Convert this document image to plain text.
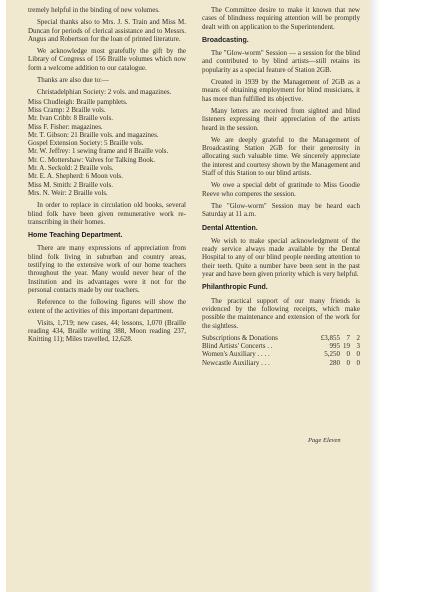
tremely helpful in the binding of new volumes.

Special thanks also to Mrs. J. S. Train and Miss M. Duncan for periods of clerical assistance and to Messrs. Angus and Robertson for the loan of printed literature.

We acknowledge most gratefully the gift by the Library of Congress of 156 Braille volumes which now form a welcome addition to our catalogue.

Thanks are also due to:—

Christadelphian Society: 2 vols. and magazines.

Miss Chudleigh: Braille pamphlets.
Miss Cramp: 2 Braille vols.
Mr. Ivan Cribb: 8 Braille vols.
Miss F. Fisher: magazines.
Mr. T. Gibson: 21 Braille vols. and magazines.
Gospel Extension Society: 5 Braille vols.
Mr. W. Jeffrey: 1 sewing frame and 8 Braille vols.
Mr. C. Mottershaw: Valves for Talking Book.
Mr. A. Seckold: 2 Braille vols.
Mr. E. A. Shepherd: 6 Moon vols.
Miss M. Smith: 2 Braille vols.
Mrs. N. Weir: 2 Braille vols.

In order to replace in circulation old books, several blind folk have been given remunerative work re-transcribing in their homes.

Home Teaching Department.

There are many expressions of appreciation from blind folk living in suburban and country areas, testifying to the extensive work of our home teachers throughout the year. Many would never hear of the Institution and its advantages were it not for the personal contacts made by our teachers.

Reference to the following figures will show the extent of the activities of this important department.

Visits, 1,719; new cases, 44; lessons, 1,070 (Braille reading 434, Braille writing 388, Moon reading 237, Knitting 11); Miles travelled, 12,628.

The Committee desire to make it known that new cases of blindness requiring attention will be promptly dealt with on application to the Superintendent.

Broadcasting.

The "Glow-worm" Session — a session for the blind and contributed to by blind artists—still retains its popularity as a special feature of Station 2GB.

Created in 1939 by the Management of 2GB as a means of obtaining employment for blind musicians, it has more than fulfilled its objective.

Many letters are received from sighted and blind listeners expressing their appreciation of the artists heard in the session.

We are deeply grateful to the Management of Broadcasting Station 2GB for their generosity in allocating such valuable time. We sincerely appreciate the interest and courtesy shown by the Management and Staff of this Station to our blind artists.

We owe a special debt of gratitude to Miss Goodie Reeve who comperes the session.

The "Glow-worm" Session may be heard each Saturday at 11 a.m.

Dental Attention.

We wish to make special acknowledgment of the ready service always made available by the Dental Hospital to any of our blind people needing attention to their teeth. Quite a number have been sent in the past year and have been given priority which is very helpful.

Philanthropic Fund.

The practical support of our many friends is evidenced by the following receipts, which make possible the maintenance and extension of the work for the sightless.

Subscriptions & Donations	£3,855	7	2
Blind Artists' Concerts . .	995	19	3
Women's Auxiliary . . . .	5,250	0	0
Newcastle Auxiliary . . .	280	0	0
Page Eleven
